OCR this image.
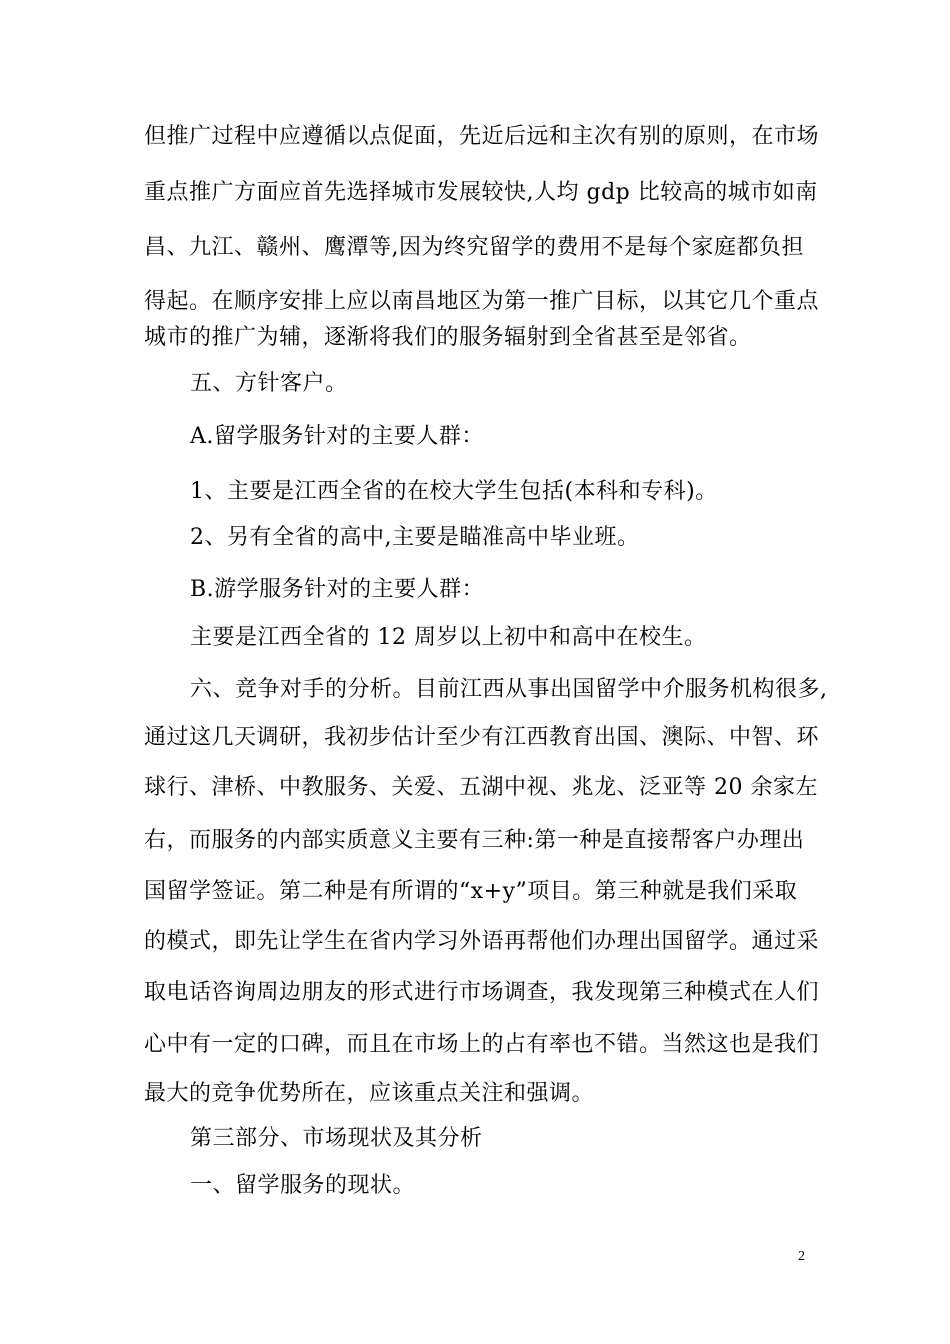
但推广过程中应遵循以点促面，先近后远和主次有别的原则，在市场
重点推广方面应首先选择城市发展较快,人均 gdp 比较高的城市如南
昌、九江、赣州、鹰潭等,因为终究留学的费用不是每个家庭都负担
得起。在顺序安排上应以南昌地区为第一推广目标，以其它几个重点
城市的推广为辅，逐渐将我们的服务辐射到全省甚至是邻省。
五、方针客户。
A.留学服务针对的主要人群：
1、主要是江西全省的在校大学生包括(本科和专科)。
2、另有全省的高中,主要是瞄准高中毕业班。
B.游学服务针对的主要人群：
主要是江西全省的 12 周岁以上初中和高中在校生。
六、竞争对手的分析。目前江西从事出国留学中介服务机构很多,
通过这几天调研，我初步估计至少有江西教育出国、澳际、中智、环
球行、津桥、中教服务、关爱、五湖中视、兆龙、泛亚等 20 余家左
右，而服务的内部实质意义主要有三种:第一种是直接帮客户办理出
国留学签证。第二种是有所谓的“x+y”项目。第三种就是我们采取
的模式，即先让学生在省内学习外语再帮他们办理出国留学。通过采
取电话咨询周边朋友的形式进行市场调查，我发现第三种模式在人们
心中有一定的口碑，而且在市场上的占有率也不错。当然这也是我们
最大的竞争优势所在，应该重点关注和强调。
第三部分、市场现状及其分析
一、留学服务的现状。
2
